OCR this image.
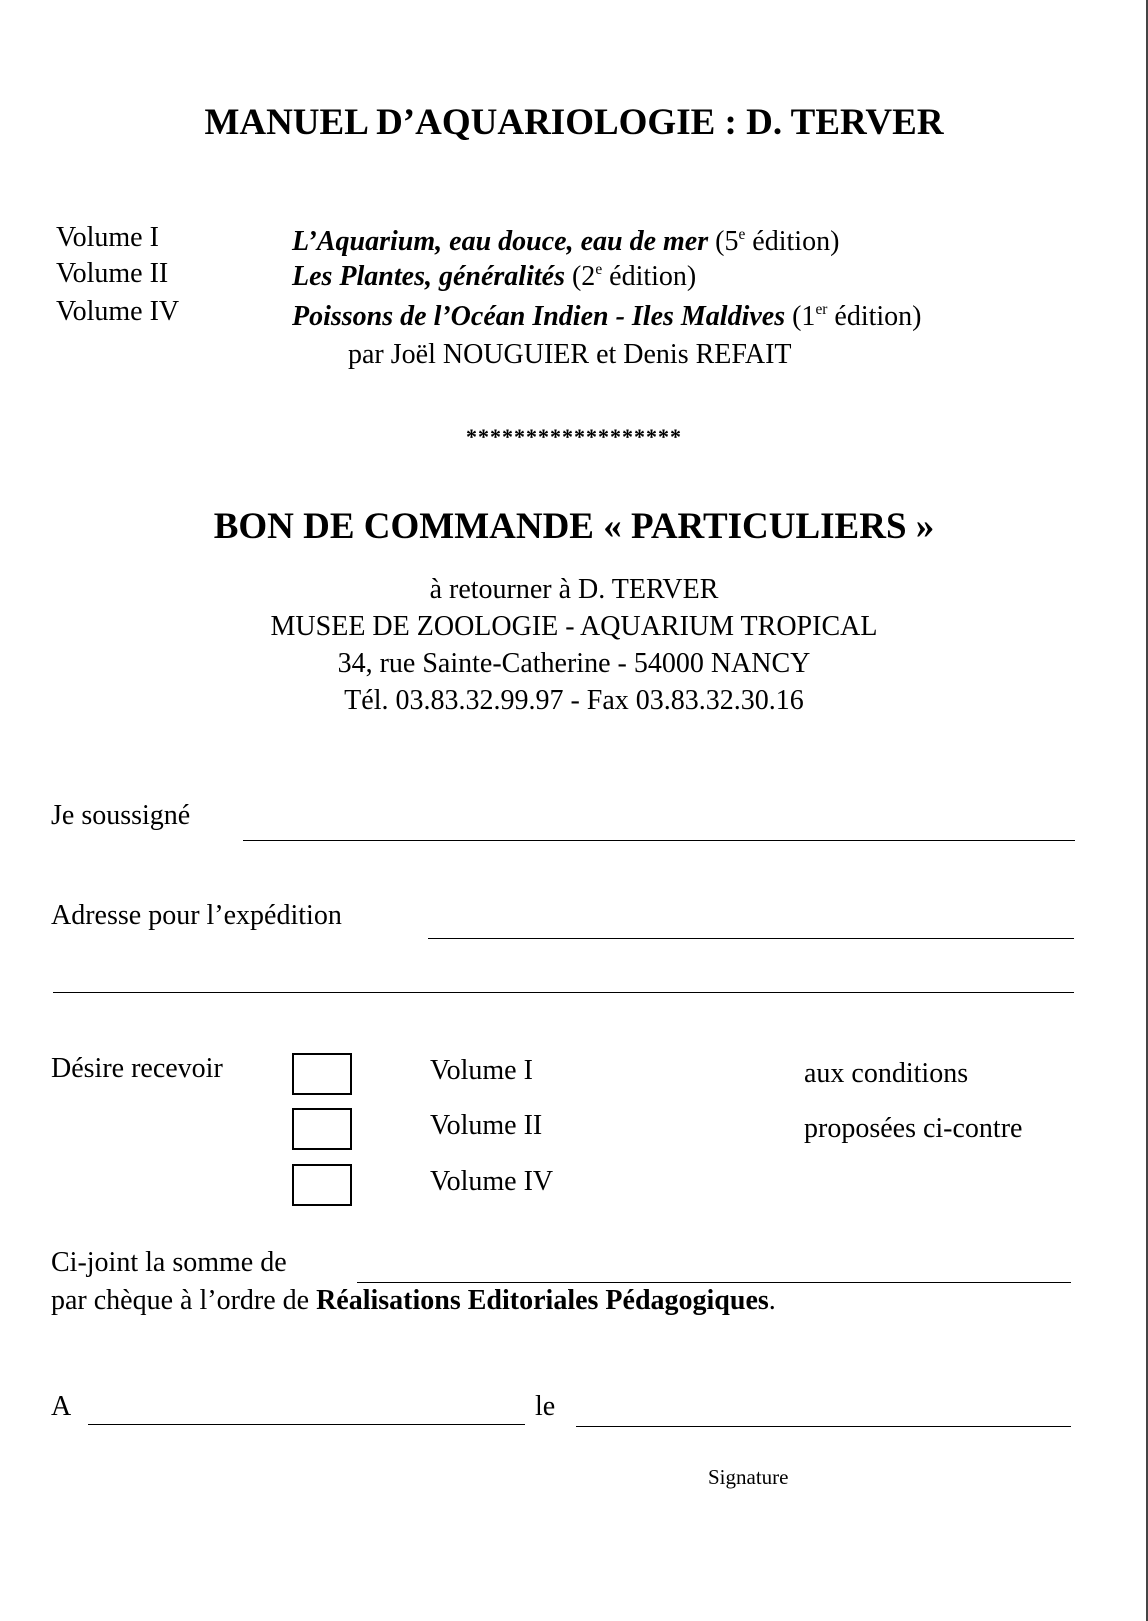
MANUEL D’AQUARIOLOGIE : D. TERVER
Volume I	L’Aquarium, eau douce, eau de mer (5e édition)
Volume II	Les Plantes, généralités (2e édition)
Volume IV	Poissons de l’Océan Indien - Iles Maldives (1er édition)
par Joël NOUGUIER et Denis REFAIT
******************
BON DE COMMANDE « PARTICULIERS »
à retourner à D. TERVER
MUSEE DE ZOOLOGIE - AQUARIUM TROPICAL
34, rue Sainte-Catherine - 54000 NANCY
Tél. 03.83.32.99.97 - Fax 03.83.32.30.16
Je soussigné
Adresse pour l’expédition
Désire recevoir	Volume I
Volume II
Volume IV
aux conditions
proposées ci-contre
Ci-joint la somme de
par chèque à l’ordre de Réalisations Editoriales Pédagogiques.
A	le
Signature
